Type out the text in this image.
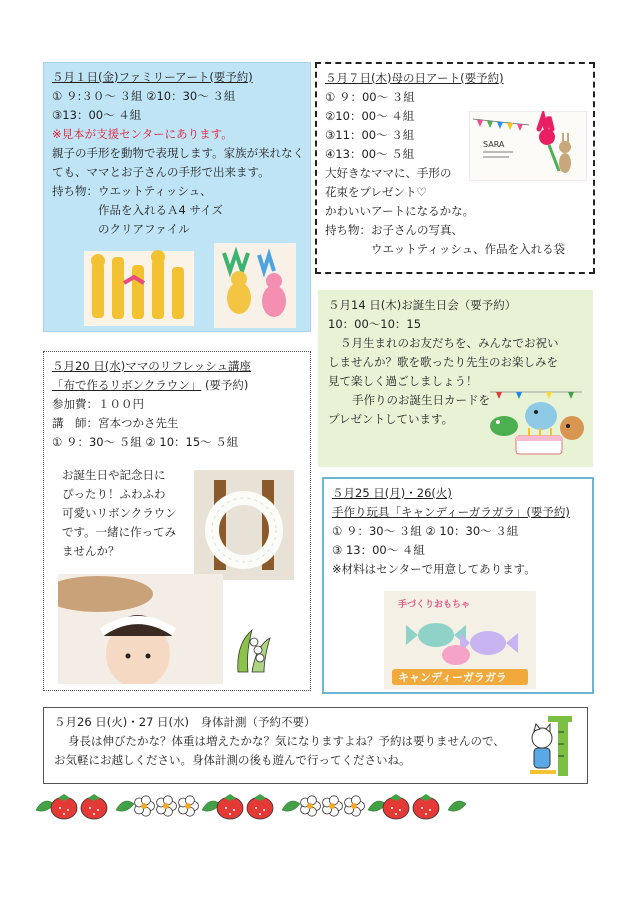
５月１日(金)ファミリーアート(要予約)
① ９:３０～ ３組 ②10：30～ ３組
③13：00～ ４組
※見本が支援センターにあります。
親子の手形を動物で表現します。家族が来れなく
ても、ママとお子さんの手形で出来ます。
持ち物：ウエットティッシュ、
作品を入れるＡ4 サイズ
のクリアファイル
５月７日(木)母の日アート(要予約)
① ９：00～ ３組
②10：00～ ４組
③11：00～ ３組
④13：00～ ５組
大好きなママに、手形の
花束をプレゼント♡
かわいいアートになるかな。
持ち物：お子さんの写真、
ウエットティッシュ、作品を入れる袋
SARA
５月14 日(木)お誕生日会（要予約）
10：00～10：15
５月生まれのお友だちを、みんなでお祝い
しませんか？歌を歌ったり先生のお楽しみを
見て楽しく過ごしましょう！
手作りのお誕生日カードを
プレゼントしています。
５月20 日(水)ママのリフレッシュ講座
「布で作るリボンクラウン」 (要予約)
参加費：１００円
講　師：宮本つかさ先生
① ９：30～ ５組 ② 10：15～ ５組
お誕生日や記念日に
ぴったり！ふわふわ
可愛いリボンクラウン
です。一緒に作ってみ
ませんか？
５月25 日(月)・26(火)
手作り玩具「キャンディーガラガラ」(要予約)
① ９：30～ ３組 ② 10：30～ ３組
③ 13：00～ ４組
※材料はセンターで用意してあります。
手づくりおもちゃ
キャンディーガラガラ
５月26 日(火)・27 日(水)　身体計測（予約不要）
身長は伸びたかな？体重は増えたかな？気になりますよね？予約は要りませんので、
お気軽にお越しください。身体計測の後も遊んで行ってくださいね。
